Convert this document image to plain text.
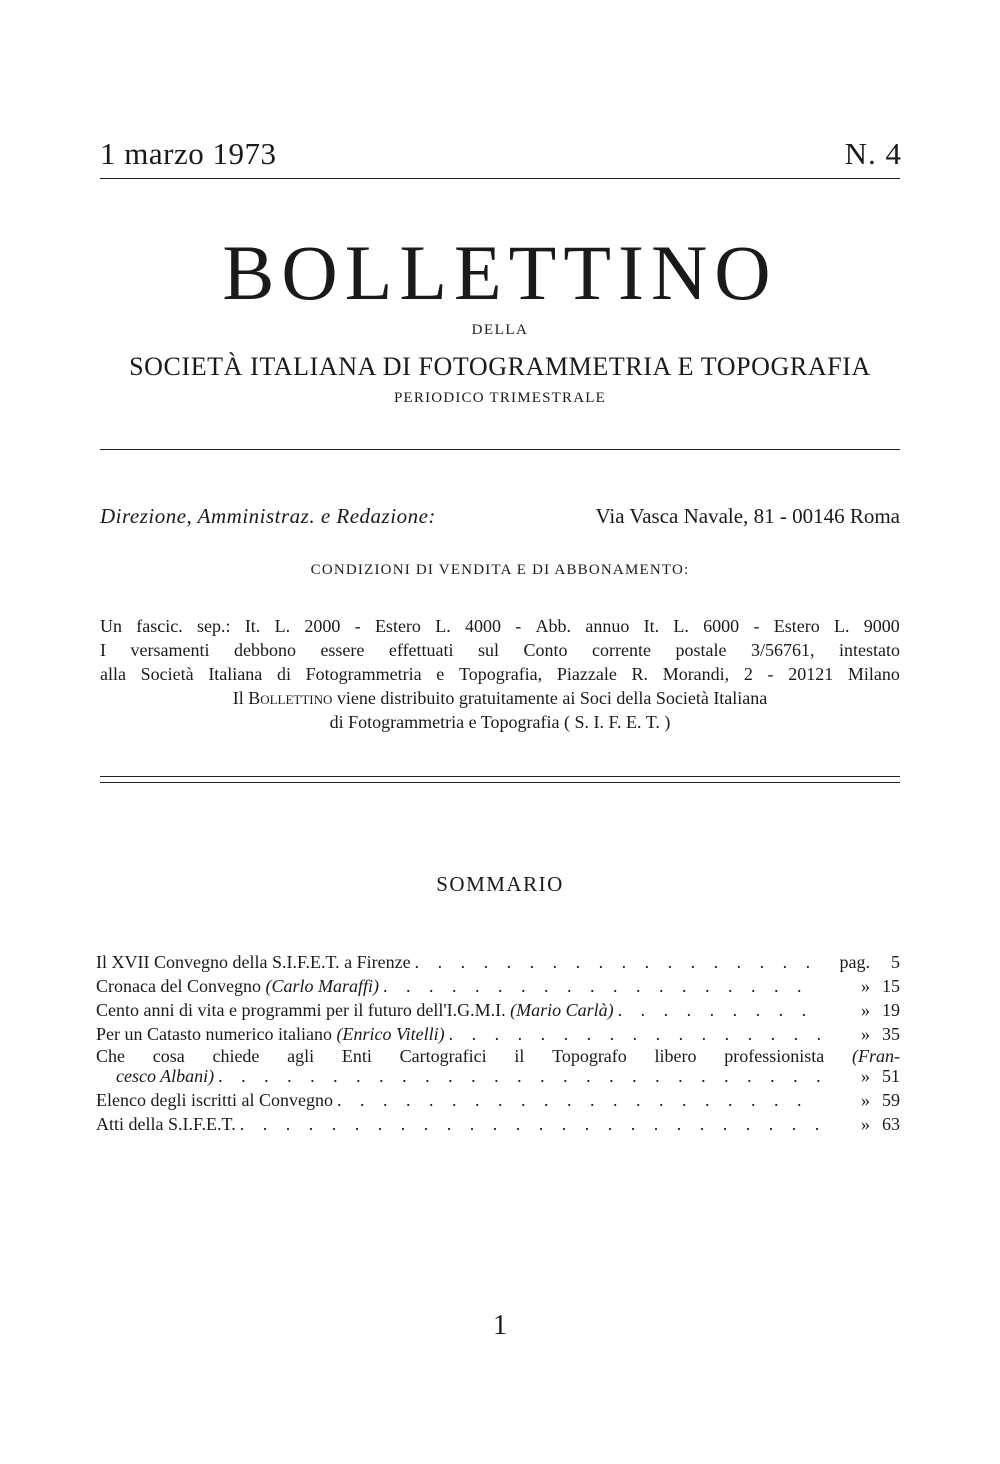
1 marzo 1973	N. 4
BOLLETTINO
DELLA
SOCIETÀ ITALIANA DI FOTOGRAMMETRIA E TOPOGRAFIA
PERIODICO TRIMESTRALE
Direzione, Amministraz. e Redazione:	Via Vasca Navale, 81 - 00146 Roma
CONDIZIONI DI VENDITA E DI ABBONAMENTO:
Un fascic. sep.: It. L. 2000 - Estero L. 4000 - Abb. annuo It. L. 6000 - Estero L. 9000
I versamenti debbono essere effettuati sul Conto corrente postale 3/56761, intestato
alla Società Italiana di Fotogrammetria e Topografia, Piazzale R. Morandi, 2 - 20121 Milano
Il Bollettino viene distribuito gratuitamente ai Soci della Società Italiana
di Fotogrammetria e Topografia ( S. I. F. E. T. )
SOMMARIO
Il XVII Convegno della S.I.F.E.T. a Firenze . . .	pag.	5
Cronaca del Convegno (Carlo Maraffi) . . .	» 15
Cento anni di vita e programmi per il futuro dell'I.G.M.I. (Mario Carlà) . . .	» 19
Per un Catasto numerico italiano (Enrico Vitelli) . . .	» 35
Che cosa chiede agli Enti Cartografici il Topografo libero professionista (Fran-
cesco Albani) . . .	» 51
Elenco degli iscritti al Convegno . . .	» 59
Atti della S.I.F.E.T. . . .	» 63
1
